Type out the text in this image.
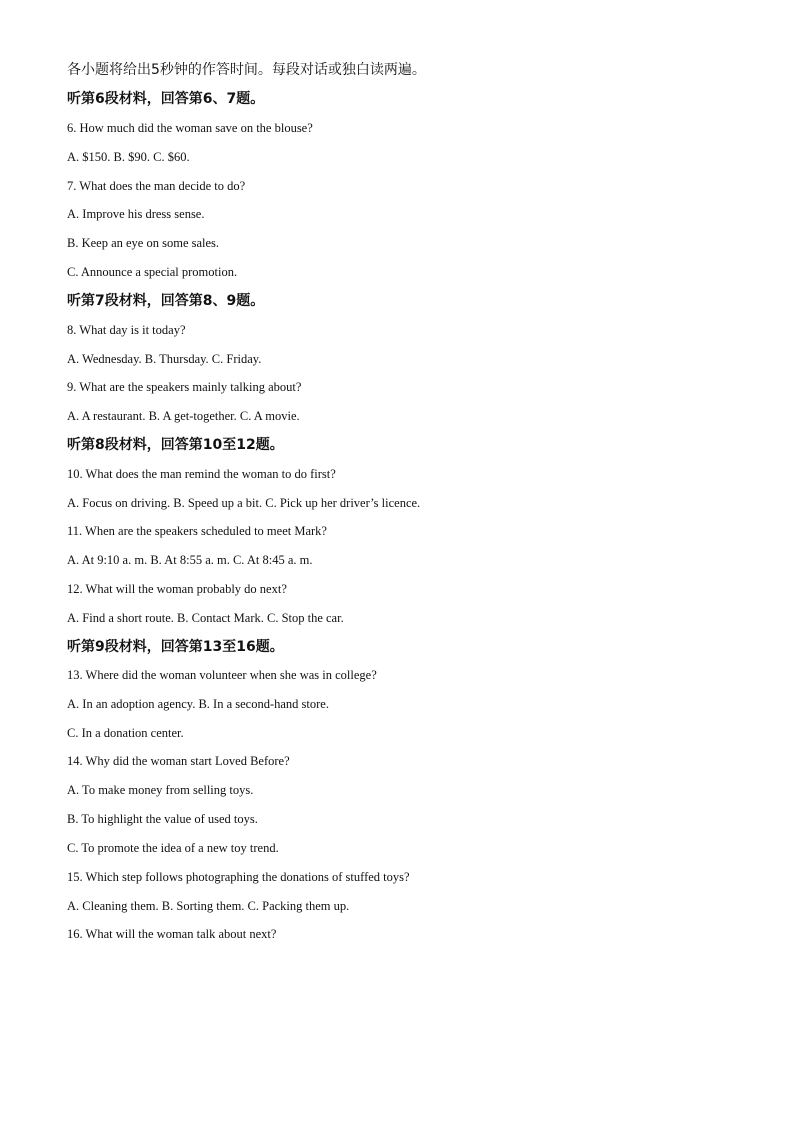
各小题将给出5秒钟的作答时间。每段对话或独白读两遍。
听第6段材料，回答第6、7题。
6. How much did the woman save on the blouse?
A. $150. B. $90. C. $60.
7. What does the man decide to do?
A. Improve his dress sense.
B. Keep an eye on some sales.
C. Announce a special promotion.
听第7段材料，回答第8、9题。
8. What day is it today?
A. Wednesday. B. Thursday. C. Friday.
9. What are the speakers mainly talking about?
A. A restaurant. B. A get-together. C. A movie.
听第8段材料，回答第10至12题。
10. What does the man remind the woman to do first?
A. Focus on driving. B. Speed up a bit. C. Pick up her driver’s licence.
11. When are the speakers scheduled to meet Mark?
A. At 9:10 a. m. B. At 8:55 a. m. C. At 8:45 a. m.
12. What will the woman probably do next?
A. Find a short route. B. Contact Mark. C. Stop the car.
听第9段材料，回答第13至16题。
13. Where did the woman volunteer when she was in college?
A. In an adoption agency. B. In a second-hand store.
C. In a donation center.
14. Why did the woman start Loved Before?
A. To make money from selling toys.
B. To highlight the value of used toys.
C. To promote the idea of a new toy trend.
15. Which step follows photographing the donations of stuffed toys?
A. Cleaning them. B. Sorting them. C. Packing them up.
16. What will the woman talk about next?
